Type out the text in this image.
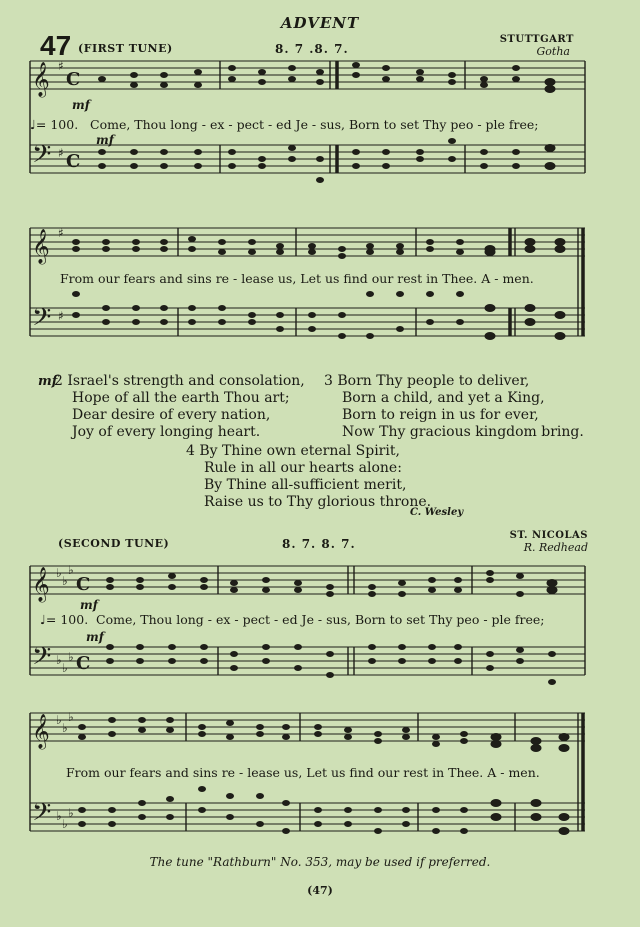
ADVENT
47 (FIRST TUNE)	8. 7 .8. 7.
STUTTGART
Gotha
𝄞 ♯
C
𝄢 ♯ C
mf
mf
♩= 100. Come, Thou long - ex - pect - ed Je - sus, Born to set Thy peo - ple free;
𝄞 ♯
𝄢 ♯
From our fears and sins re - lease us, Let us find our rest in Thee. A - men.
mf
2 Israel's strength and consolation,
Hope of all the earth Thou art;
Dear desire of every nation,
Joy of every longing heart.
3 Born Thy people to deliver,
Born a child, and yet a King,
Born to reign in us for ever,
Now Thy gracious kingdom bring.
4 By Thine own eternal Spirit,
Rule in all our hearts alone:
By Thine all-sufficient merit,
Raise us to Thy glorious throne.
C. Wesley
(SECOND TUNE)	8. 7. 8. 7.
ST. NICOLAS
R. Redhead
𝄞 ♭
♭
♭
C
𝄢 ♭
♭
♭ C
mf
mf
♩= 100. Come, Thou long - ex - pect - ed Je - sus, Born to set Thy peo - ple free;
𝄞 ♭
♭
♭
𝄢 ♭
♭
♭
From our fears and sins re - lease us, Let us find our rest in Thee. A - men.
The tune "Rathburn" No. 353, may be used if preferred.
(47)
